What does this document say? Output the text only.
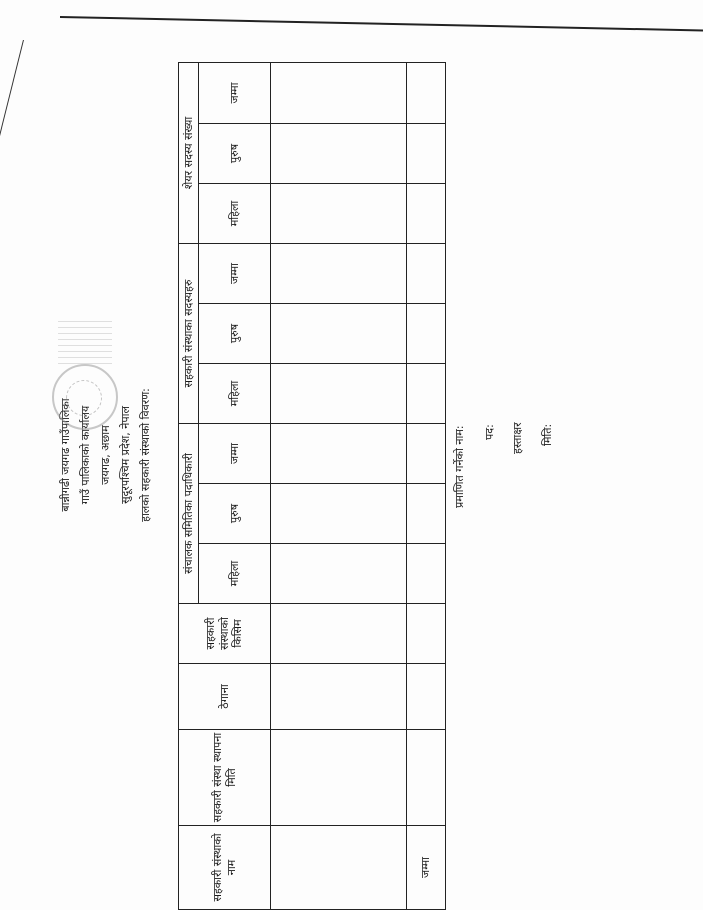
बान्नीगढी जयगढ गाउँपालिका गाउँ पालिकाको कार्यालय जयगढ, अछाम सुदूरपश्चिम प्रदेश, नेपाल हालको सहकारी संस्थाको विवरण:
सहकारी संस्थाको नाम	सहकारी संस्था स्थापना मिति	ठेगाना	सहकारी संस्थाको किसिम	संचालक समितिका पदाधिकारी			सहकारी संस्थाका सदस्यहरु			शेयर सदस्य संख्या		
				महिला	पुरुष	जम्मा	महिला	पुरुष	जम्मा	महिला	पुरुष	जम्मा

जम्मा												
प्रमाणित गर्नेको नाम: पद: हस्ताक्षर मिति:
